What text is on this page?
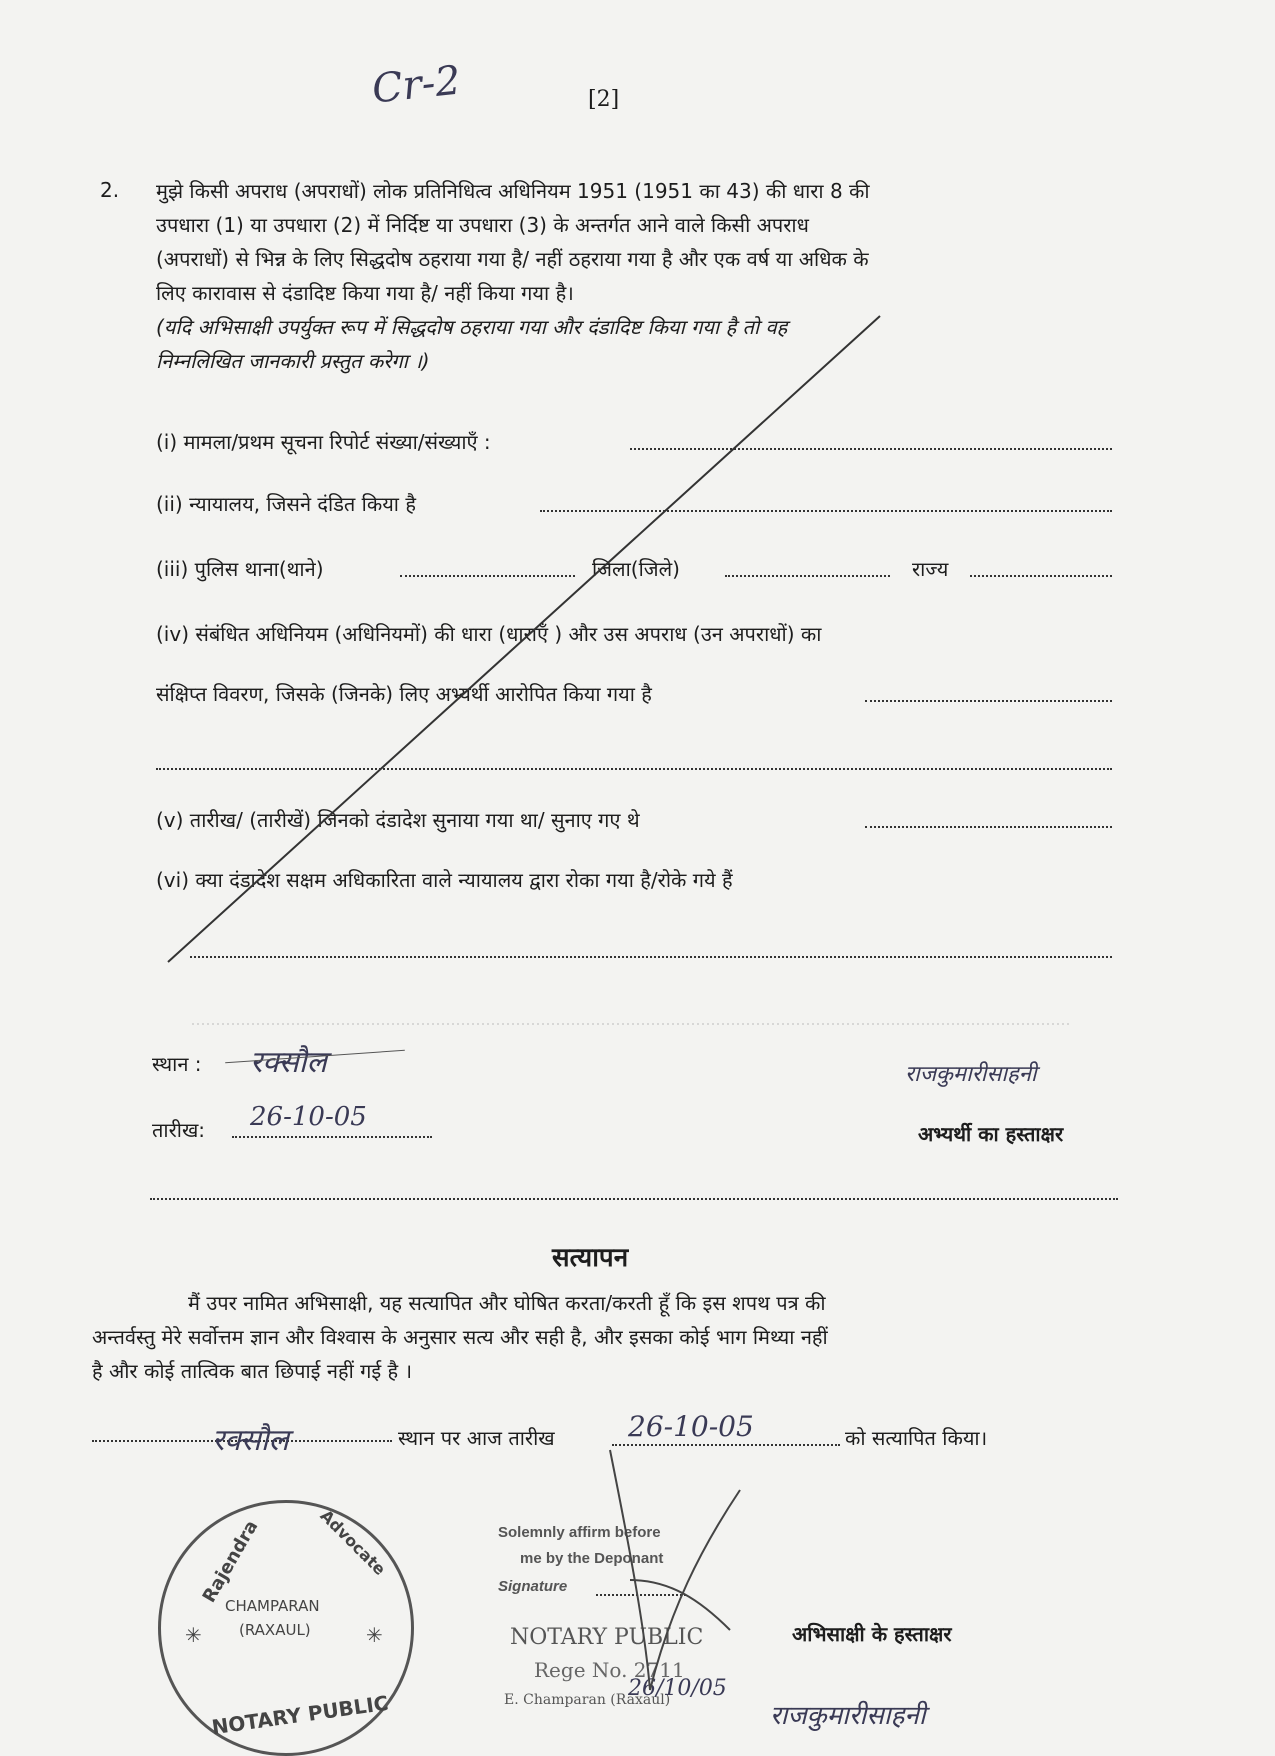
Cr-2	[2]
2. मुझे किसी अपराध (अपराधों) लोक प्रतिनिधित्व अधिनियम 1951 (1951 का 43) की धारा 8 की
उपधारा (1) या उपधारा (2) में निर्दिष्ट या उपधारा (3) के अन्तर्गत आने वाले किसी अपराध
(अपराधों) से भिन्न के लिए सिद्धदोष ठहराया गया है/ नहीं ठहराया गया है और एक वर्ष या अधिक के
लिए कारावास से दंडादिष्ट किया गया है/ नहीं किया गया है।
(यदि अभिसाक्षी उपर्युक्त रूप में सिद्धदोष ठहराया गया और दंडादिष्ट किया गया है तो वह
निम्नलिखित जानकारी प्रस्तुत करेगा ।)
(i) मामला/प्रथम सूचना रिपोर्ट संख्या/संख्याएँ :
(ii) न्यायालय, जिसने दंडित किया है
(iii) पुलिस थाना(थाने)	जिला(जिले)	राज्य
(iv) संबंधित अधिनियम (अधिनियमों) की धारा (धाराएँ ) और उस अपराध (उन अपराधों) का
संक्षिप्त विवरण, जिसके (जिनके) लिए अभ्यर्थी आरोपित किया गया है
(v) तारीख/ (तारीखें) जिनको दंडादेश सुनाया गया था/ सुनाए गए थे
(vi) क्या दंडादेश सक्षम अधिकारिता वाले न्यायालय द्वारा रोका गया है/रोके गये हैं
स्थान : रक्सौल
तारीख: 26-10-05
राजकुमारीसाहनी
अभ्यर्थी का हस्ताक्षर
सत्यापन
मैं उपर नामित अभिसाक्षी, यह सत्यापित और घोषित करता/करती हूँ कि इस शपथ पत्र की
अन्तर्वस्तु मेरे सर्वोत्तम ज्ञान और विश्वास के अनुसार सत्य और सही है, और इसका कोई भाग मिथ्या नहीं
है और कोई तात्विक बात छिपाई नहीं गई है ।
रक्सौल	स्थान पर आज तारीख	26-10-05	को सत्यापित किया।
Rajendra	Advocate
CHAMPARAN
(RAXAUL)
✳	✳
NOTARY PUBLIC
Solemnly affirm before
me by the Deponant
Signature
NOTARY PUBLIC
Rege No. 2711
E. Champaran (Raxaul)
26/10/05
अभिसाक्षी के हस्ताक्षर
राजकुमारीसाहनी
